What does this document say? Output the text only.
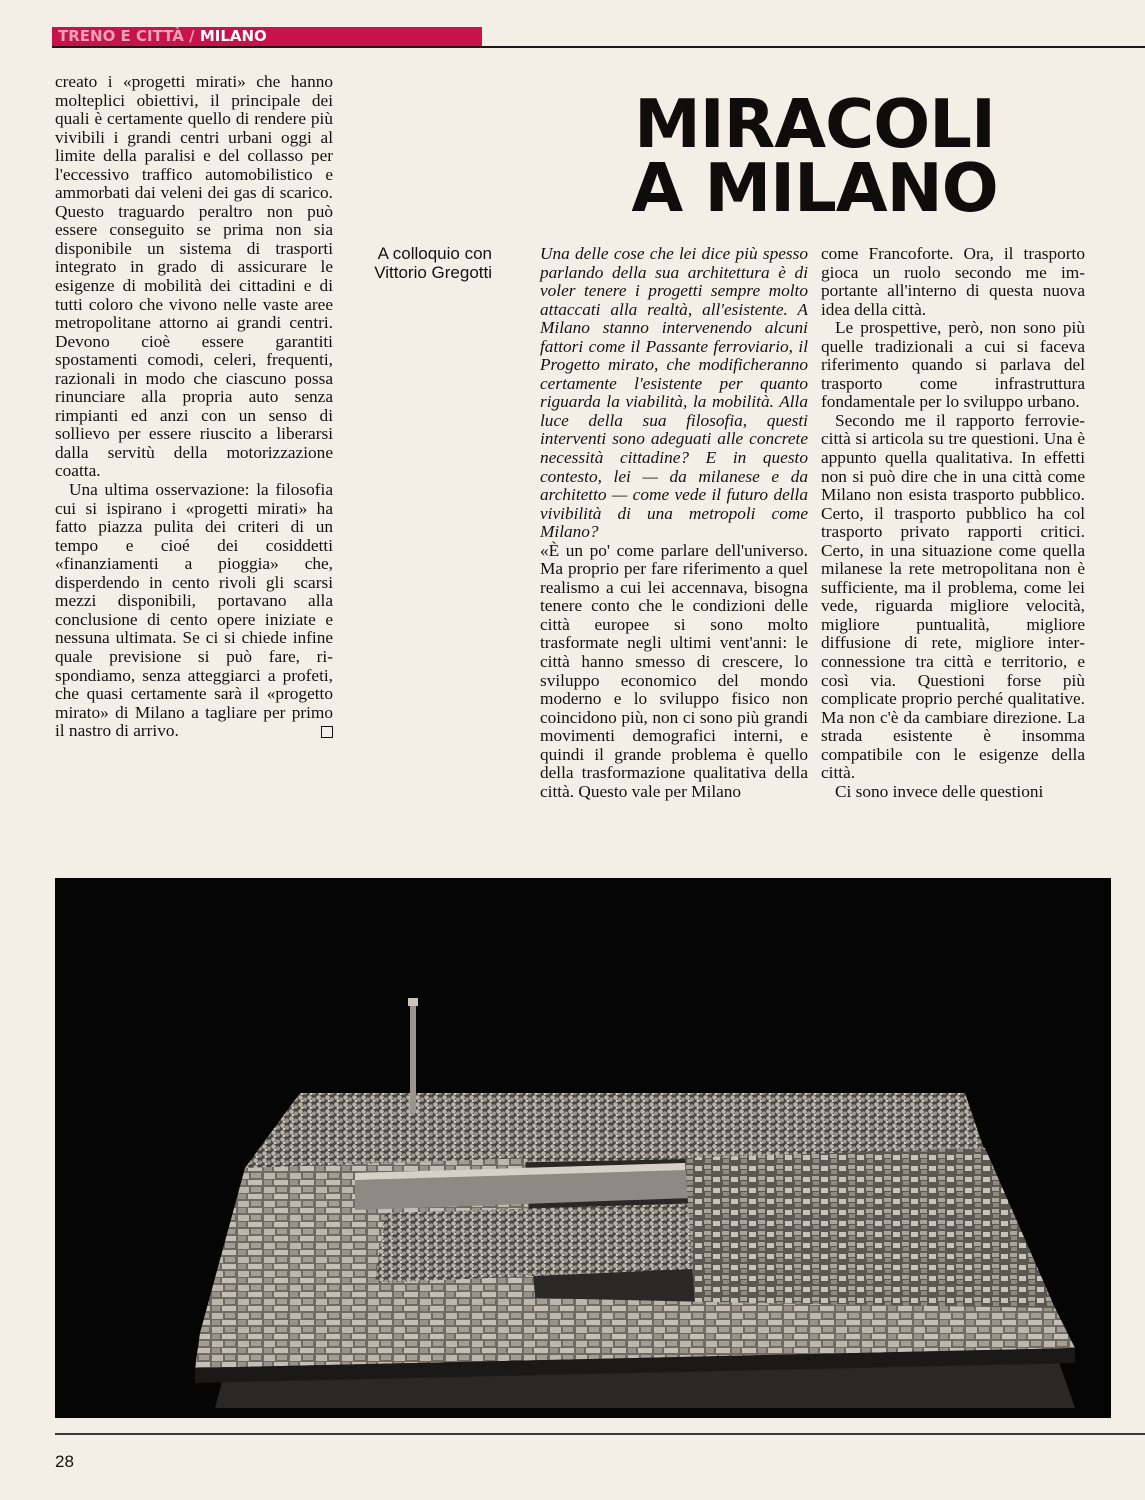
TRENO E CITTÀ / MILANO

creato i «progetti mirati» che hanno molteplici obiettivi, il principale dei quali è certamente quello di rendere più vivibili i grandi centri urbani oggi al limite della paralisi e del collasso per l'eccessivo traffico automobilistico e ammorbati dai veleni dei gas di scarico. Questo traguardo peraltro non può essere conseguito se prima non sia disponibile un sistema di trasporti integrato in grado di assicurare le esigenze di mobilità dei cittadini e di tutti coloro che vivono nelle vaste aree metropolitane attorno ai grandi centri. Devono cioè essere garantiti spostamenti comodi, celeri, frequenti, razionali in modo che ciascuno possa rinunciare alla propria auto senza rimpianti ed anzi con un senso di sollievo per essere riuscito a liberarsi dalla servitù della motorizzazione coatta.

Una ultima osservazione: la filosofia cui si ispirano i «progetti mirati» ha fatto piazza pulita dei criteri di un tempo e cioé dei cosiddetti «finanziamenti a pioggia» che, disperdendo in cento rivoli gli scarsi mezzi disponibili, portavano alla conclusione di cento opere iniziate e nessuna ultimata. Se ci si chiede infine quale previsione si può fare, rispondiamo, senza atteggiarci a profeti, che quasi certamente sarà il «progetto mirato» di Milano a tagliare per primo il nastro di arrivo.

MIRACOLI
A MILANO
A colloquio con Vittorio Gregotti

Una delle cose che lei dice più spesso parlando della sua architettura è di voler tenere i progetti sempre molto attaccati alla realtà, all'esistente. A Milano stanno intervenendo alcuni fattori come il Passante ferroviario, il Progetto mirato, che modificheranno certamente l'esistente per quanto riguarda la viabilità, la mobilità. Alla luce della sua filosofia, questi interventi sono adeguati alle concrete necessità cittadine? E in questo contesto, lei — da milanese e da architetto — come vede il futuro della vivibilità di una metropoli come Milano?

«È un po' come parlare dell'universo. Ma proprio per fare riferimento a quel realismo a cui lei accennava, bisogna tenere conto che le condizioni delle città europee si sono molto trasformate negli ultimi vent'anni: le città hanno smesso di crescere, lo sviluppo economico del mondo moderno e lo sviluppo fisico non coincidono più, non ci sono più grandi movimenti demografici interni, e quindi il grande problema è quello della trasformazione qualitativa della città. Questo vale per Milano

come Francoforte. Ora, il trasporto gioca un ruolo secondo me importante all'interno di questa nuova idea della città.

Le prospettive, però, non sono più quelle tradizionali a cui si faceva riferimento quando si parlava del trasporto come infrastruttura fondamentale per lo sviluppo urbano.

Secondo me il rapporto ferrovie-città si articola su tre questioni. Una è appunto quella qualitativa. In effetti non si può dire che in una città come Milano non esista trasporto pubblico. Certo, il trasporto pubblico ha col trasporto privato rapporti critici. Certo, in una situazione come quella milanese la rete metropolitana non è sufficiente, ma il problema, come lei vede, riguarda migliore velocità, migliore puntualità, migliore diffusione di rete, migliore interconnessione tra città e territorio, e così via. Questioni forse più complicate proprio perché qualitative. Ma non c'è da cambiare direzione. La strada esistente è insomma compatibile con le esigenze della città.

Ci sono invece delle questioni

28
